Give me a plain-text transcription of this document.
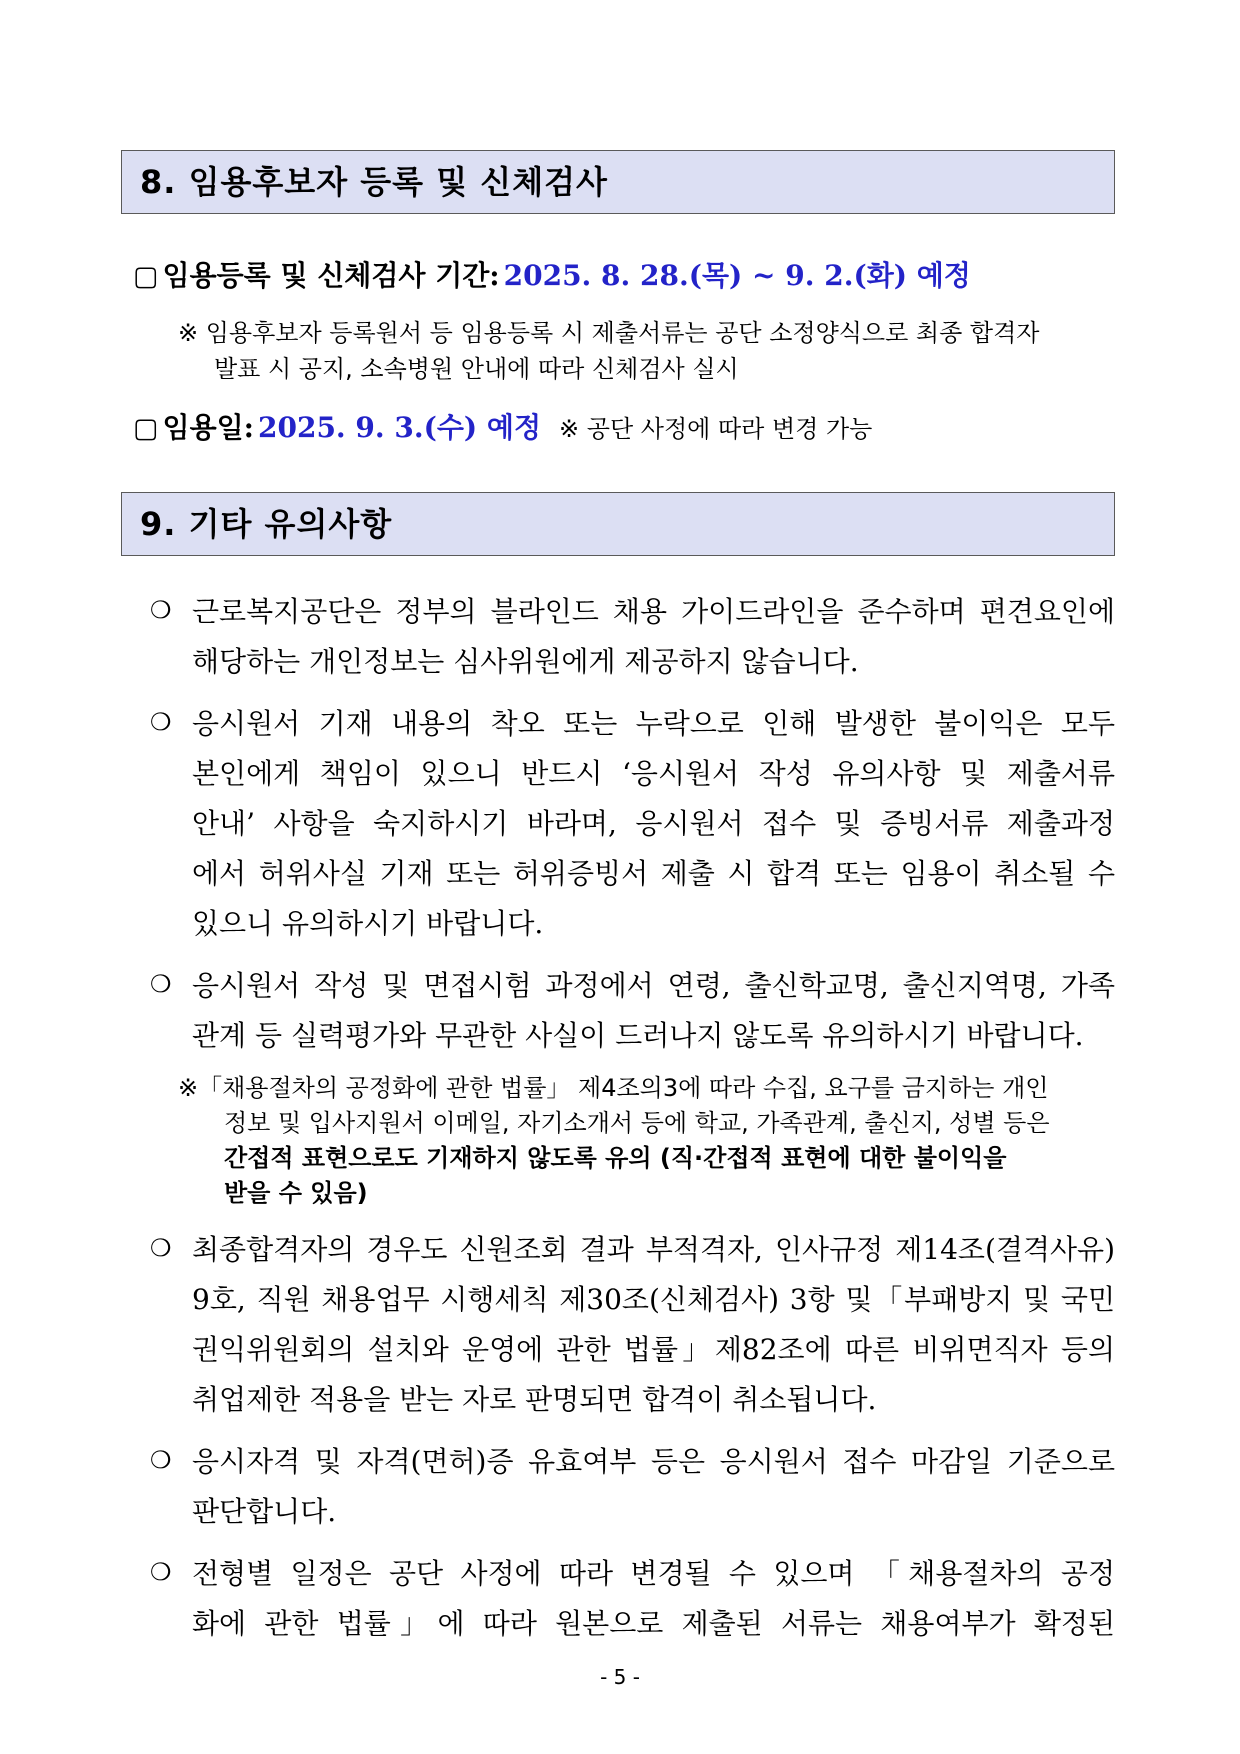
8. 임용후보자 등록 및 신체검사
▢ 임용등록 및 신체검사 기간: 2025. 8. 28.(목) ~ 9. 2.(화) 예정
※ 임용후보자 등록원서 등 임용등록 시 제출서류는 공단 소정양식으로 최종 합격자
발표 시 공지, 소속병원 안내에 따라 신체검사 실시
▢ 임용일: 2025. 9. 3.(수) 예정 ※ 공단 사정에 따라 변경 가능
9. 기타 유의사항
❍ 근로복지공단은 정부의 블라인드 채용 가이드라인을 준수하며 편견요인에
해당하는 개인정보는 심사위원에게 제공하지 않습니다.
❍ 응시원서 기재 내용의 착오 또는 누락으로 인해 발생한 불이익은 모두
본인에게 책임이 있으니 반드시 ‘응시원서 작성 유의사항 및 제출서류
안내’ 사항을 숙지하시기 바라며, 응시원서 접수 및 증빙서류 제출과정
에서 허위사실 기재 또는 허위증빙서 제출 시 합격 또는 임용이 취소될 수
있으니 유의하시기 바랍니다.
❍ 응시원서 작성 및 면접시험 과정에서 연령, 출신학교명, 출신지역명, 가족
관계 등 실력평가와 무관한 사실이 드러나지 않도록 유의하시기 바랍니다.
※「채용절차의 공정화에 관한 법률」 제4조의3에 따라 수집, 요구를 금지하는 개인
정보 및 입사지원서 이메일, 자기소개서 등에 학교, 가족관계, 출신지, 성별 등은
간접적 표현으로도 기재하지 않도록 유의 (직·간접적 표현에 대한 불이익을
받을 수 있음)
❍ 최종합격자의 경우도 신원조회 결과 부적격자, 인사규정 제14조(결격사유)
9호, 직원 채용업무 시행세칙 제30조(신체검사) 3항 및「부패방지 및 국민
권익위원회의 설치와 운영에 관한 법률」제82조에 따른 비위면직자 등의
취업제한 적용을 받는 자로 판명되면 합격이 취소됩니다.
❍ 응시자격 및 자격(면허)증 유효여부 등은 응시원서 접수 마감일 기준으로
판단합니다.
❍ 전형별 일정은 공단 사정에 따라 변경될 수 있으며 「채용절차의 공정
화에 관한 법률」에 따라 원본으로 제출된 서류는 채용여부가 확정된
- 5 -
